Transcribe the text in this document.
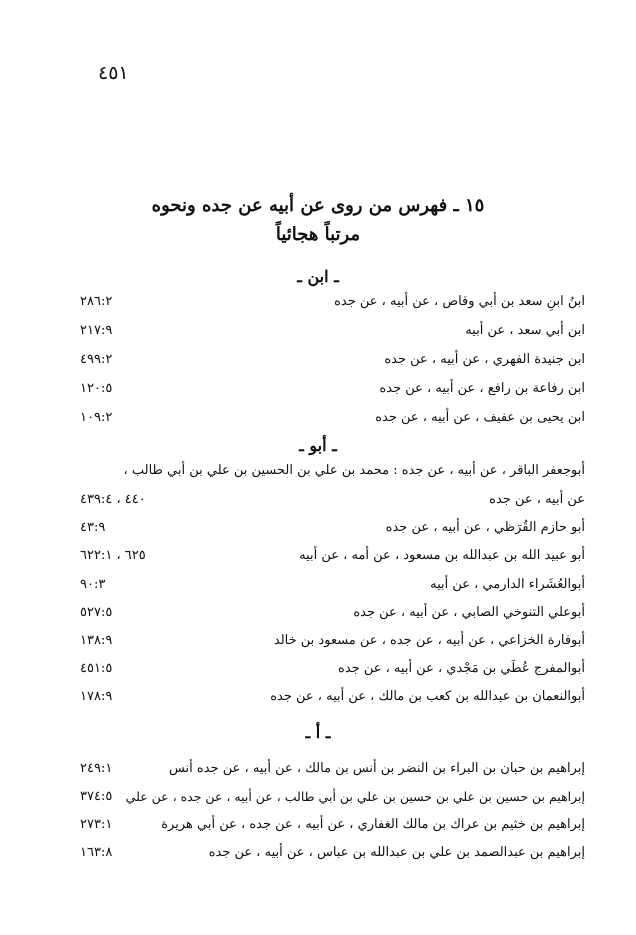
٤٥١
١٥ ـ فهرس من روى عن أبيه عن جده ونحوه
مرتباً هجائياً
ـ ابن ـ
ابنُ ابنِ سعد بن أبي وقاص ، عن أبيه ، عن جده
٢٨٦:٢
ابن أبي سعد ، عن أبيه
٢١٧:٩
ابن جنيدة الفهري ، عن أبيه ، عن جده
٤٩٩:٢
ابن رفاعة بن رافع ، عن أبيه ، عن جده
١٢٠:٥
ابن يحيى بن عفيف ، عن أبيه ، عن جده
١٠٩:٢
ـ أبو ـ
أبوجعفر الباقر ، عن أبيه ، عن جده : محمد بن علي بن الحسين بن علي بن أبي طالب ،
عن أبيه ، عن جده
٤٤٠ ، ٤٣٩:٤
أبو حازم القُرَظي ، عن أبيه ، عن جده
٤٣:٩
أبو عبيد الله بن عبدالله بن مسعود ، عن أمه ، عن أبيه
٦٢٥ ، ٦٢٢:١
أبوالعُشَراء الدارمي ، عن أبيه
٩٠:٣
أبوعلي التنوخي الصابي ، عن أبيه ، عن جده
٥٢٧:٥
أبوفارة الخزاعي ، عن أبيه ، عن جده ، عن مسعود بن خالد
١٣٨:٩
أبوالمفرج عُطَي بن مَجْدي ، عن أبيه ، عن جده
٤٥١:٥
أبوالنعمان بن عبدالله بن كعب بن مالك ، عن أبيه ، عن جده
١٧٨:٩
ـ أ ـ
إبراهيم بن حبان بن البراء بن النضر بن أنس بن مالك ، عن أبيه ، عن جده أنس
٢٤٩:١
إبراهيم بن حسين بن علي بن حسين بن علي بن أبي طالب ، عن أبيه ، عن جده ، عن علي
٣٧٤:٥
إبراهيم بن خثيم بن عراك بن مالك الغفاري ، عن أبيه ، عن جده ، عن أبي هريرة
٢٧٣:١
إبراهيم بن عبدالصمد بن علي بن عبدالله بن عباس ، عن أبيه ، عن جده
١٦٣:٨
